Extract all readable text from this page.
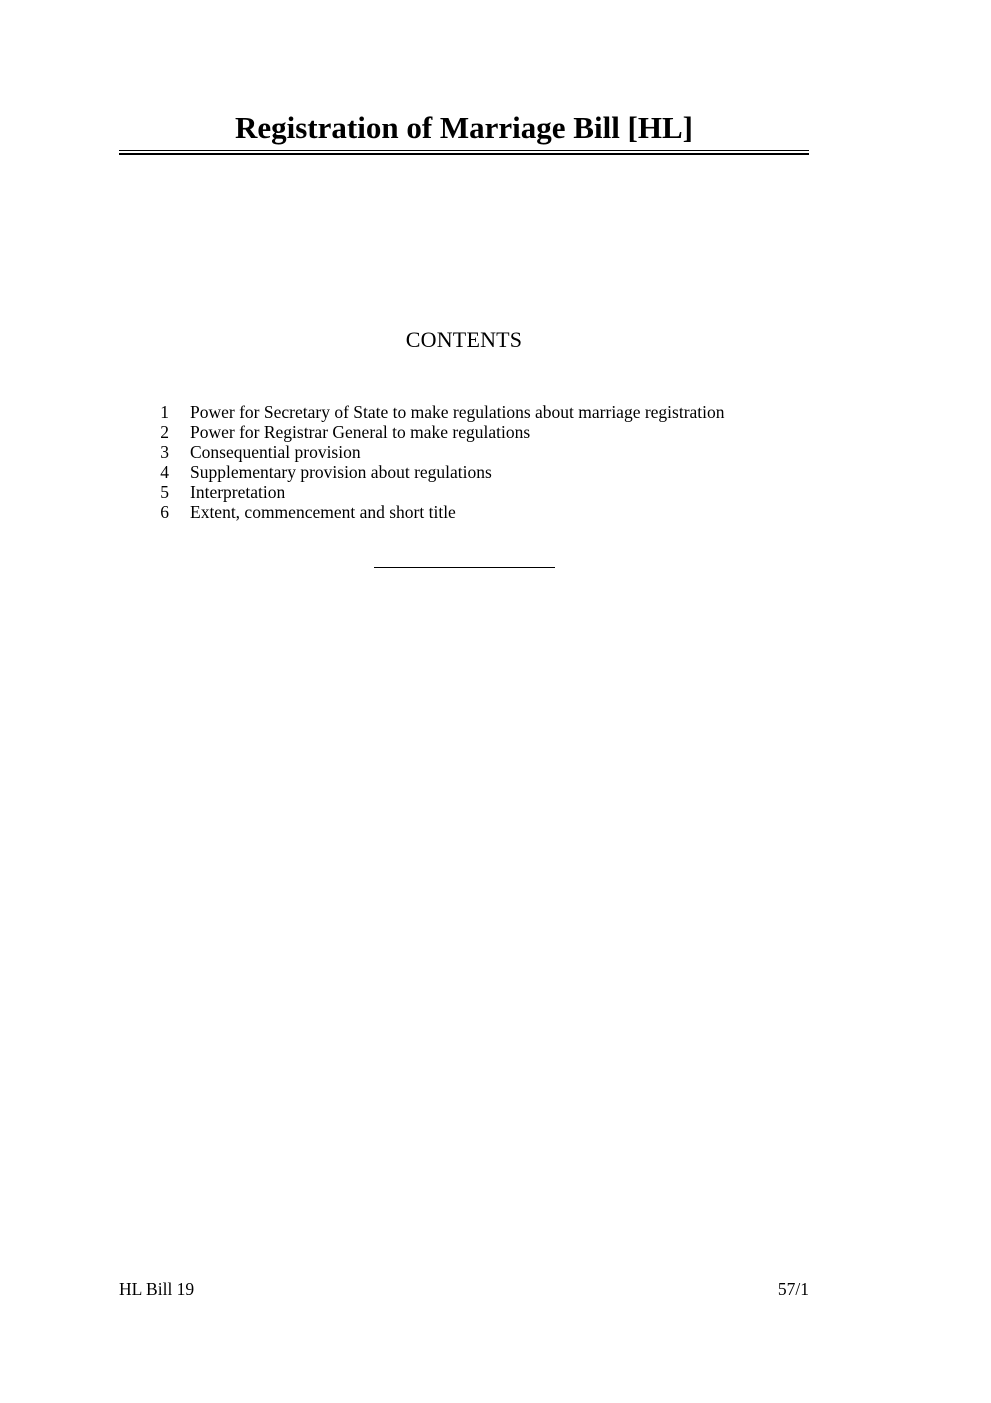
Registration of Marriage Bill [HL]
CONTENTS
1 Power for Secretary of State to make regulations about marriage registration
2 Power for Registrar General to make regulations
3 Consequential provision
4 Supplementary provision about regulations
5 Interpretation
6 Extent, commencement and short title
HL Bill 19	57/1
